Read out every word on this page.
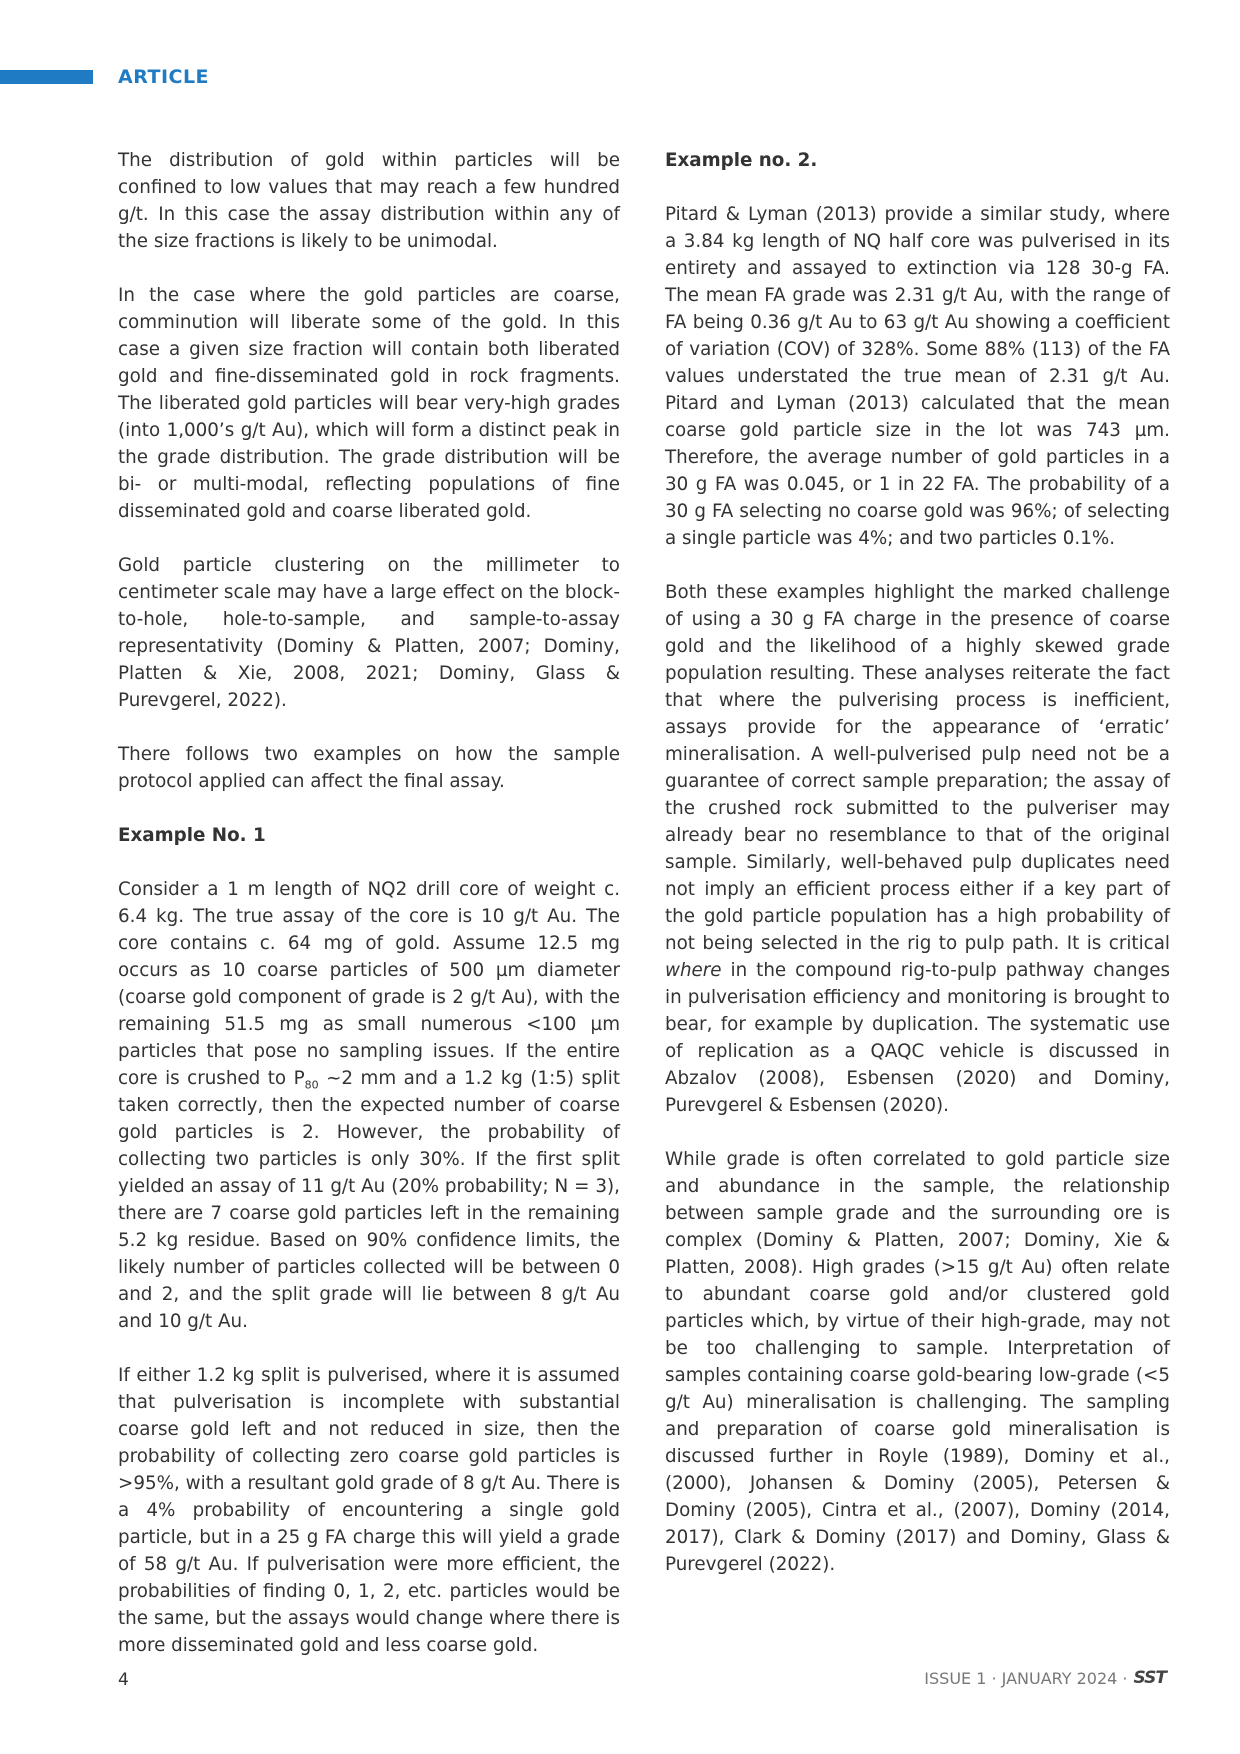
ARTICLE

The distribution of gold within particles will be confined to low values that may reach a few hundred g/t. In this case the assay distribution within any of the size fractions is likely to be unimodal.

In the case where the gold particles are coarse, comminution will liberate some of the gold. In this case a given size fraction will contain both liberated gold and fine-disseminated gold in rock fragments. The liberated gold particles will bear very-high grades (into 1,000’s g/t Au), which will form a distinct peak in the grade distribution. The grade distribution will be bi- or multi-modal, reflecting populations of fine disseminated gold and coarse liberated gold.

Gold particle clustering on the millimeter to centimeter scale may have a large effect on the block-to-hole, hole-to-sample, and sample-to-assay representativity (Dominy & Platten, 2007; Dominy, Platten & Xie, 2008, 2021; Dominy, Glass & Purevgerel, 2022).

There follows two examples on how the sample protocol applied can affect the final assay.

Example No. 1

Consider a 1 m length of NQ2 drill core of weight c. 6.4 kg. The true assay of the core is 10 g/t Au. The core contains c. 64 mg of gold. Assume 12.5 mg occurs as 10 coarse particles of 500 µm diameter (coarse gold component of grade is 2 g/t Au), with the remaining 51.5 mg as small numerous <100 µm particles that pose no sampling issues. If the entire core is crushed to $P_{80}$ ~2 mm and a 1.2 kg (1:5) split taken correctly, then the expected number of coarse gold particles is 2. However, the probability of collecting two particles is only 30%. If the first split yielded an assay of 11 g/t Au (20% probability; N = 3), there are 7 coarse gold particles left in the remaining 5.2 kg residue. Based on 90% confidence limits, the likely number of particles collected will be between 0 and 2, and the split grade will lie between 8 g/t Au and 10 g/t Au.

If either 1.2 kg split is pulverised, where it is assumed that pulverisation is incomplete with substantial coarse gold left and not reduced in size, then the probability of collecting zero coarse gold particles is >95%, with a resultant gold grade of 8 g/t Au. There is a 4% probability of encountering a single gold particle, but in a 25 g FA charge this will yield a grade of 58 g/t Au. If pulverisation were more efficient, the probabilities of finding 0, 1, 2, etc. particles would be the same, but the assays would change where there is more disseminated gold and less coarse gold.

Example no. 2.

Pitard & Lyman (2013) provide a similar study, where a 3.84 kg length of NQ half core was pulverised in its entirety and assayed to extinction via 128 30-g FA. The mean FA grade was 2.31 g/t Au, with the range of FA being 0.36 g/t Au to 63 g/t Au showing a coefficient of variation (COV) of 328%. Some 88% (113) of the FA values understated the true mean of 2.31 g/t Au. Pitard and Lyman (2013) calculated that the mean coarse gold particle size in the lot was 743 µm. Therefore, the average number of gold particles in a 30 g FA was 0.045, or 1 in 22 FA. The probability of a 30 g FA selecting no coarse gold was 96%; of selecting a single particle was 4%; and two particles 0.1%.

Both these examples highlight the marked challenge of using a 30 g FA charge in the presence of coarse gold and the likelihood of a highly skewed grade population resulting. These analyses reiterate the fact that where the pulverising process is inefficient, assays provide for the appearance of ‘erratic’ mineralisation. A well-pulverised pulp need not be a guarantee of correct sample preparation; the assay of the crushed rock submitted to the pulveriser may already bear no resemblance to that of the original sample. Similarly, well-behaved pulp duplicates need not imply an efficient process either if a key part of the gold particle population has a high probability of not being selected in the rig to pulp path. It is critical where in the compound rig-to-pulp pathway changes in pulverisation efficiency and monitoring is brought to bear, for example by duplication. The systematic use of replication as a QAQC vehicle is discussed in Abzalov (2008), Esbensen (2020) and Dominy, Purevgerel & Esbensen (2020).

While grade is often correlated to gold particle size and abundance in the sample, the relationship between sample grade and the surrounding ore is complex (Dominy & Platten, 2007; Dominy, Xie & Platten, 2008). High grades (>15 g/t Au) often relate to abundant coarse gold and/or clustered gold particles which, by virtue of their high-grade, may not be too challenging to sample. Interpretation of samples containing coarse gold-bearing low-grade (<5 g/t Au) mineralisation is challenging. The sampling and preparation of coarse gold mineralisation is discussed further in Royle (1989), Dominy et al., (2000), Johansen & Dominy (2005), Petersen & Dominy (2005), Cintra et al., (2007), Dominy (2014, 2017), Clark & Dominy (2017) and Dominy, Glass & Purevgerel (2022).

4	ISSUE 1 · JANUARY 2024 · SST
